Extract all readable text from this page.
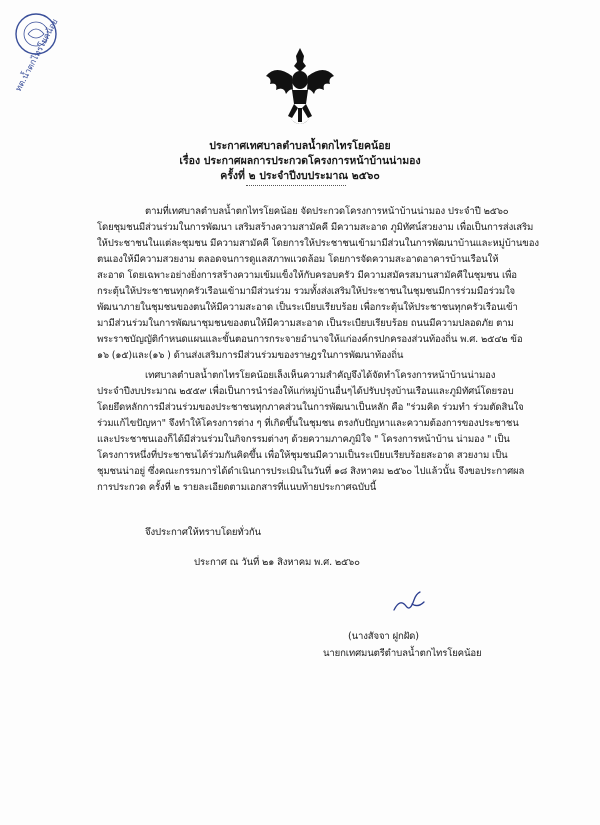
ทต.น้ำตกไทรโยคน้อย
ประกาศเทศบาลตำบลน้ำตกไทรโยคน้อย
เรื่อง ประกาศผลการประกวดโครงการหน้าบ้านน่ามอง
ครั้งที่ ๒ ประจำปีงบประมาณ ๒๕๖๐
ตามที่เทศบาลตำบลน้ำตกไทรโยคน้อย จัดประกวดโครงการหน้าบ้านน่ามอง ประจำปี ๒๕๖๐
โดยชุมชนมีส่วนร่วมในการพัฒนา เสริมสร้างความสามัคคี มีความสะอาด ภูมิทัศน์สวยงาม เพื่อเป็นการส่งเสริม
ให้ประชาชนในแต่ละชุมชน มีความสามัคคี โดยการให้ประชาชนเข้ามามีส่วนในการพัฒนาบ้านและหมู่บ้านของ
ตนเองให้มีความสวยงาม ตลอดจนการดูแลสภาพแวดล้อม โดยการจัดความสะอาดอาคารบ้านเรือนให้
สะอาด โดยเฉพาะอย่างยิ่งการสร้างความเข้มแข็งให้กับครอบครัว มีความสมัครสมานสามัคคีในชุมชน เพื่อ
กระตุ้นให้ประชาชนทุกครัวเรือนเข้ามามีส่วนร่วม รวมทั้งส่งเสริมให้ประชาชนในชุมชนมีการร่วมมือร่วมใจ
พัฒนาภายในชุมชนของตนให้มีความสะอาด เป็นระเบียบเรียบร้อย เพื่อกระตุ้นให้ประชาชนทุกครัวเรือนเข้า
มามีส่วนร่วมในการพัฒนาชุมชนของตนให้มีความสะอาด เป็นระเบียบเรียบร้อย ถนนมีความปลอดภัย ตาม
พระราชบัญญัติกำหนดแผนและขั้นตอนการกระจายอำนาจให้แก่องค์กรปกครองส่วนท้องถิ่น พ.ศ. ๒๕๔๒ ข้อ
๑๖ (๑๕)และ(๑๖ ) ด้านส่งเสริมการมีส่วนร่วมของราษฎรในการพัฒนาท้องถิ่น
เทศบาลตำบลน้ำตกไทรโยคน้อยเล็งเห็นความสำคัญจึงได้จัดทำโครงการหน้าบ้านน่ามอง
ประจำปีงบประมาณ ๒๕๕๙ เพื่อเป็นการนำร่องให้แก่หมู่บ้านอื่นๆได้ปรับปรุงบ้านเรือนและภูมิทัศน์โดยรอบ
โดยยึดหลักการมีส่วนร่วมของประชาชนทุกภาคส่วนในการพัฒนาเป็นหลัก คือ "ร่วมคิด ร่วมทำ ร่วมตัดสินใจ
ร่วมแก้ไขปัญหา" จึงทำให้โครงการต่าง ๆ ที่เกิดขึ้นในชุมชน ตรงกับปัญหาและความต้องการของประชาชน
และประชาชนเองก็ได้มีส่วนร่วมในกิจกรรมต่างๆ ด้วยความภาคภูมิใจ " โครงการหน้าบ้าน น่ามอง " เป็น
โครงการหนึ่งที่ประชาชนได้ร่วมกันคิดขึ้น เพื่อให้ชุมชนมีความเป็นระเบียบเรียบร้อยสะอาด สวยงาม เป็น
ชุมชนน่าอยู่ ซึ่งคณะกรรมการได้ดำเนินการประเมินในวันที่ ๑๘ สิงหาคม ๒๕๖๐ ไปแล้วนั้น จึงขอประกาศผล
การประกวด ครั้งที่ ๒ รายละเอียดตามเอกสารที่แนบท้ายประกาศฉบับนี้
จึงประกาศให้ทราบโดยทั่วกัน
ประกาศ ณ วันที่ ๒๑ สิงหาคม พ.ศ. ๒๕๖๐
(นางสัจจา ฝูกฝัด)
นายกเทศมนตรีตำบลน้ำตกไทรโยคน้อย
